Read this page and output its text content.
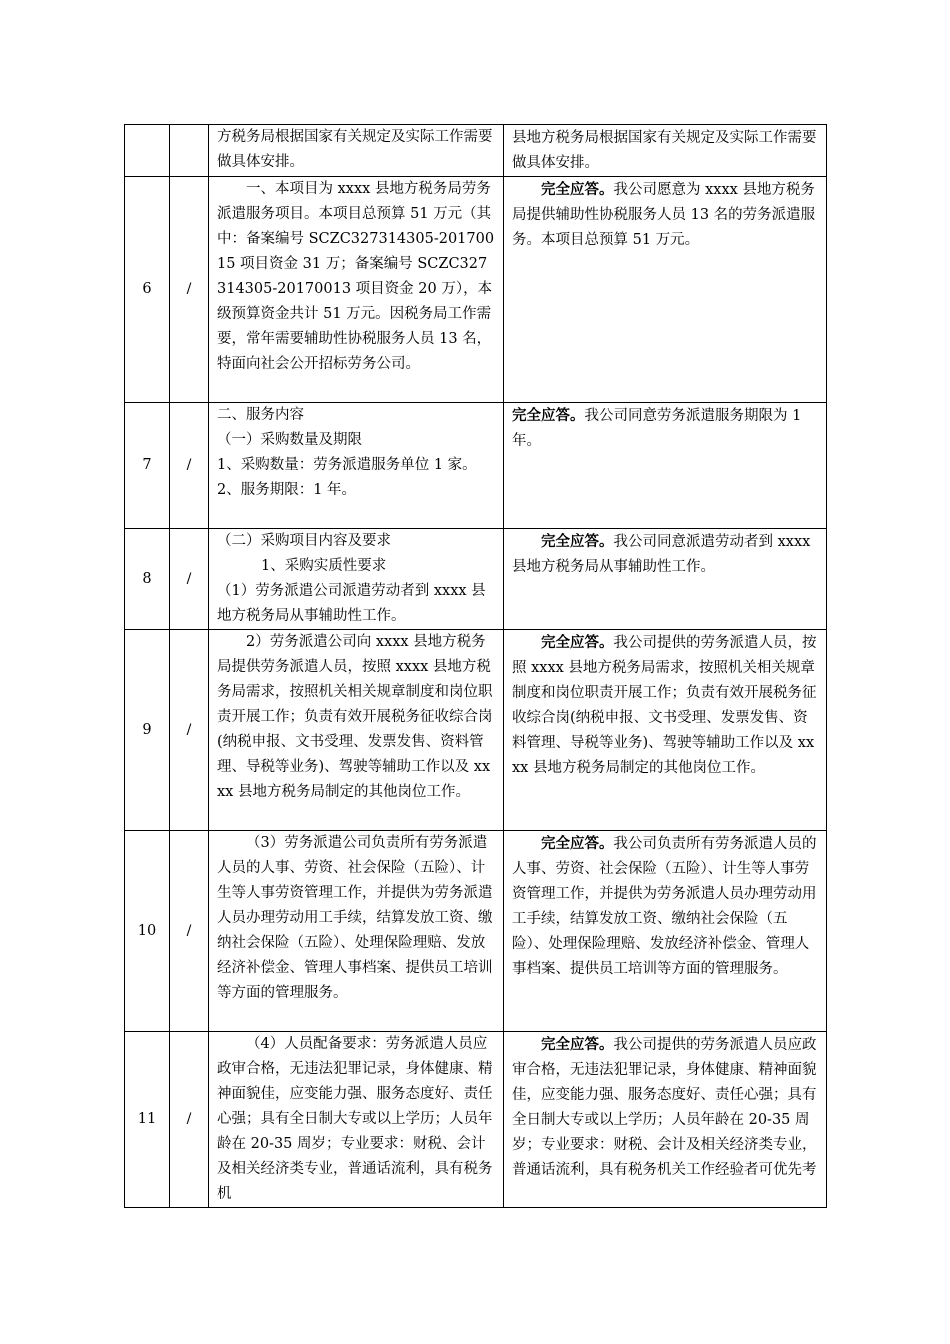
		方税务局根据国家有关规定及实际工作需要做具体安排。	县地方税务局根据国家有关规定及实际工作需要做具体安排。
6	/	一、本项目为 xxxx 县地方税务局劳务派遣服务项目。本项目总预算 51 万元（其中：备案编号 SCZC327314305-20170015 项目资金 31 万；备案编号 SCZC327314305-20170013 项目资金 20 万），本级预算资金共计 51 万元。因税务局工作需要，常年需要辅助性协税服务人员 13 名，特面向社会公开招标劳务公司。	完全应答。我公司愿意为 xxxx 县地方税务局提供辅助性协税服务人员 13 名的劳务派遣服务。本项目总预算 51 万元。
7	/	二、服务内容
（一）采购数量及期限
1、采购数量：劳务派遣服务单位 1 家。
2、服务期限：1 年。	完全应答。我公司同意劳务派遣服务期限为 1 年。
8	/	（二）采购项目内容及要求
1、采购实质性要求
（1）劳务派遣公司派遣劳动者到 xxxx 县地方税务局从事辅助性工作。	完全应答。我公司同意派遣劳动者到 xxxx 县地方税务局从事辅助性工作。
9	/	2）劳务派遣公司向 xxxx 县地方税务局提供劳务派遣人员，按照 xxxx 县地方税务局需求，按照机关相关规章制度和岗位职责开展工作；负责有效开展税务征收综合岗(纳税申报、文书受理、发票发售、资料管理、导税等业务)、驾驶等辅助工作以及 xxxx 县地方税务局制定的其他岗位工作。	完全应答。我公司提供的劳务派遣人员，按照 xxxx 县地方税务局需求，按照机关相关规章制度和岗位职责开展工作；负责有效开展税务征收综合岗(纳税申报、文书受理、发票发售、资料管理、导税等业务)、驾驶等辅助工作以及 xxxx 县地方税务局制定的其他岗位工作。
10	/	（3）劳务派遣公司负责所有劳务派遣人员的人事、劳资、社会保险（五险）、计生等人事劳资管理工作，并提供为劳务派遣人员办理劳动用工手续，结算发放工资、缴纳社会保险（五险）、处理保险理赔、发放经济补偿金、管理人事档案、提供员工培训等方面的管理服务。	完全应答。我公司负责所有劳务派遣人员的人事、劳资、社会保险（五险）、计生等人事劳资管理工作，并提供为劳务派遣人员办理劳动用工手续，结算发放工资、缴纳社会保险（五险）、处理保险理赔、发放经济补偿金、管理人事档案、提供员工培训等方面的管理服务。
11	/	（4）人员配备要求：劳务派遣人员应政审合格，无违法犯罪记录，身体健康、精神面貌佳，应变能力强、服务态度好、责任心强；具有全日制大专或以上学历；人员年龄在 20-35 周岁；专业要求：财税、会计及相关经济类专业，普通话流利，具有税务机	完全应答。我公司提供的劳务派遣人员应政审合格，无违法犯罪记录，身体健康、精神面貌佳，应变能力强、服务态度好、责任心强；具有全日制大专或以上学历；人员年龄在 20-35 周岁；专业要求：财税、会计及相关经济类专业，普通话流利，具有税务机关工作经验者可优先考
